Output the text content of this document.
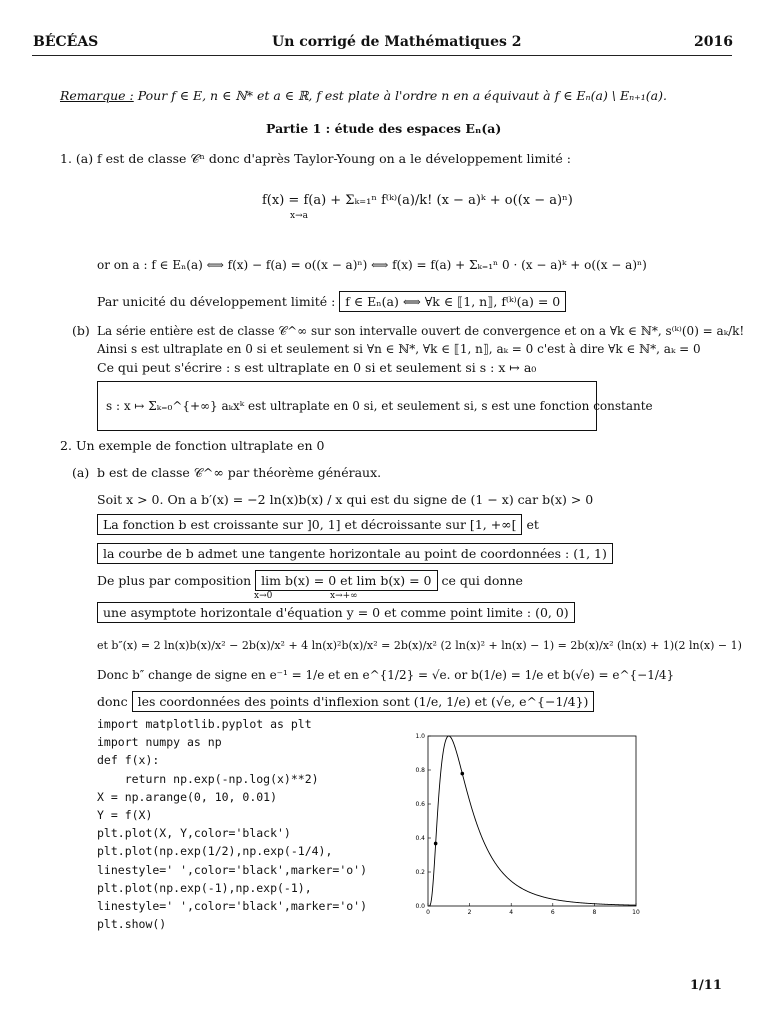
BÉCÉAS	Un corrigé de Mathématiques 2	2016
Remarque : Pour f ∈ E, n ∈ ℕ* et a ∈ ℝ, f est plate à l'ordre n en a équivaut à f ∈ Eₙ(a) \ Eₙ₊₁(a).
Partie 1 : étude des espaces Eₙ(a)
1. (a) f est de classe 𝒞ⁿ donc d'après Taylor-Young on a le développement limité :
f(x) = f(a) + Σₖ₌₁ⁿ f⁽ᵏ⁾(a)/k! (x − a)ᵏ + o((x − a)ⁿ)
x→a
or on a : f ∈ Eₙ(a) ⟺ f(x) − f(a) = o((x − a)ⁿ) ⟺ f(x) = f(a) + Σₖ₌₁ⁿ 0 · (x − a)ᵏ + o((x − a)ⁿ)
Par unicité du développement limité : f ∈ Eₙ(a) ⟺ ∀k ∈ ⟦1, n⟧, f⁽ᵏ⁾(a) = 0
(b) La série entière est de classe 𝒞^∞ sur son intervalle ouvert de convergence et on a ∀k ∈ ℕ*, s⁽ᵏ⁾(0) = aₖ/k!
Ainsi s est ultraplate en 0 si et seulement si ∀n ∈ ℕ*, ∀k ∈ ⟦1, n⟧, aₖ = 0 c'est à dire ∀k ∈ ℕ*, aₖ = 0
Ce qui peut s'écrire : s est ultraplate en 0 si et seulement si s : x ↦ a₀
s : x ↦ Σₖ₌₀^{+∞} aₖxᵏ est ultraplate en 0 si, et seulement si, s est une fonction constante
2. Un exemple de fonction ultraplate en 0
(a) b est de classe 𝒞^∞ par théorème généraux.
Soit x > 0. On a b′(x) = −2 ln(x)b(x) / x qui est du signe de (1 − x) car b(x) > 0
La fonction b est croissante sur ]0, 1] et décroissante sur [1, +∞[ et
la courbe de b admet une tangente horizontale au point de coordonnées : (1, 1)
De plus par composition lim b(x) = 0 et lim b(x) = 0 ce qui donne
x→0	x→+∞
une asymptote horizontale d'équation y = 0 et comme point limite : (0, 0)
et b″(x) = 2 ln(x)b(x)/x² − 2b(x)/x² + 4 ln(x)²b(x)/x² = 2b(x)/x² (2 ln(x)² + ln(x) − 1) = 2b(x)/x² (ln(x) + 1)(2 ln(x) − 1)
Donc b″ change de signe en e⁻¹ = 1/e et en e^{1/2} = √e. or b(1/e) = 1/e et b(√e) = e^{−1/4}
donc les coordonnées des points d'inflexion sont (1/e, 1/e) et (√e, e^{−1/4})
import matplotlib.pyplot as plt
import numpy as np
def f(x):
return np.exp(-np.log(x)**2)
X = np.arange(0, 10, 0.01)
Y = f(X)
plt.plot(X, Y,color='black')
plt.plot(np.exp(1/2),np.exp(-1/4),
linestyle=' ',color='black',marker='o')
plt.plot(np.exp(-1),np.exp(-1),
linestyle=' ',color='black',marker='o')
plt.show()
0	2	4	6	8	10
0.0
0.2
0.4
0.6
0.8
1.0
1/11
